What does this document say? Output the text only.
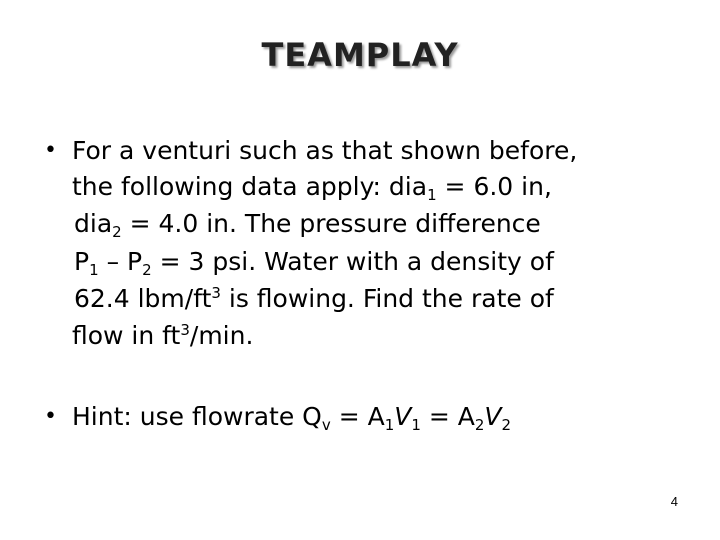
TEAMPLAY
• For a venturi such as that shown before,
the following data apply: dia$_1$ = 6.0 in,
dia$_2$ = 4.0 in. The pressure difference
$P_1 - P_2 = 3$ psi. Water with a density of
62.4 lbm/$ft^3$ is flowing. Find the rate of
flow in $ft^3/\min$.
• Hint: use flowrate $Q_v = A_1V_1 = A_2V_2$
4
